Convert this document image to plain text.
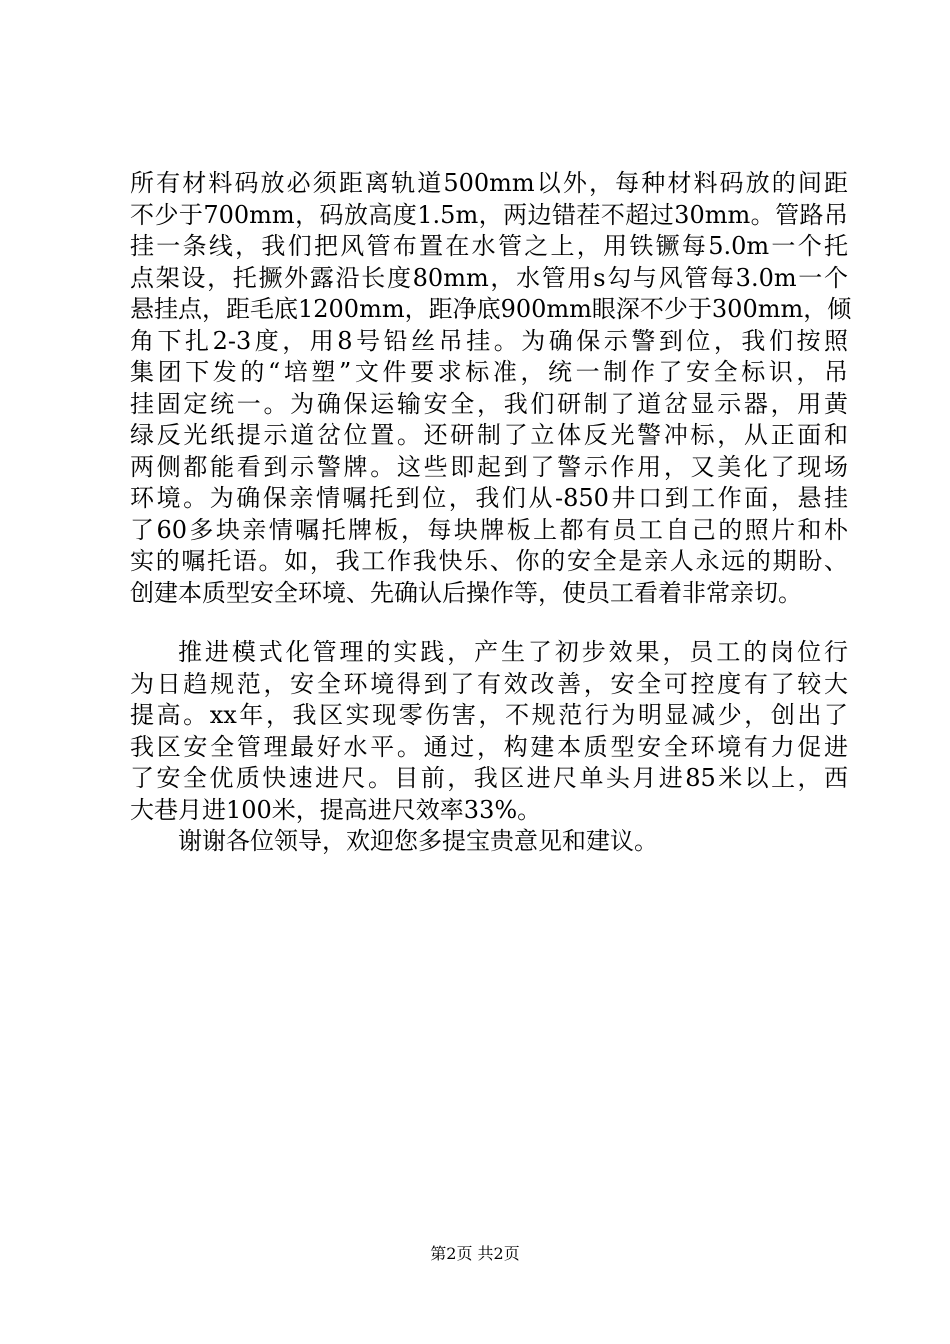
所有材料码放必须距离轨道500mm以外，每种材料码放的间距
不少于700mm，码放高度1.5m，两边错茬不超过30mm。管路吊
挂一条线，我们把风管布置在水管之上，用铁镢每5.0m一个托
点架设，托撅外露沿长度80mm，水管用s勾与风管每3.0m一个
悬挂点，距毛底1200mm，距净底900mm眼深不少于300mm，倾
角下扎2-3度，用8号铅丝吊挂。为确保示警到位，我们按照
集团下发的“培塑”文件要求标准，统一制作了安全标识，吊
挂固定统一。为确保运输安全，我们研制了道岔显示器，用黄
绿反光纸提示道岔位置。还研制了立体反光警冲标，从正面和
两侧都能看到示警牌。这些即起到了警示作用，又美化了现场
环境。为确保亲情嘱托到位，我们从-850井口到工作面，悬挂
了60多块亲情嘱托牌板，每块牌板上都有员工自己的照片和朴
实的嘱托语。如，我工作我快乐、你的安全是亲人永远的期盼、
创建本质型安全环境、先确认后操作等，使员工看着非常亲切。
推进模式化管理的实践，产生了初步效果，员工的岗位行
为日趋规范，安全环境得到了有效改善，安全可控度有了较大
提高。xx年，我区实现零伤害，不规范行为明显减少，创出了
我区安全管理最好水平。通过，构建本质型安全环境有力促进
了安全优质快速进尺。目前，我区进尺单头月进85米以上，西
大巷月进100米，提高进尺效率33%。
谢谢各位领导，欢迎您多提宝贵意见和建议。
第2页 共2页
